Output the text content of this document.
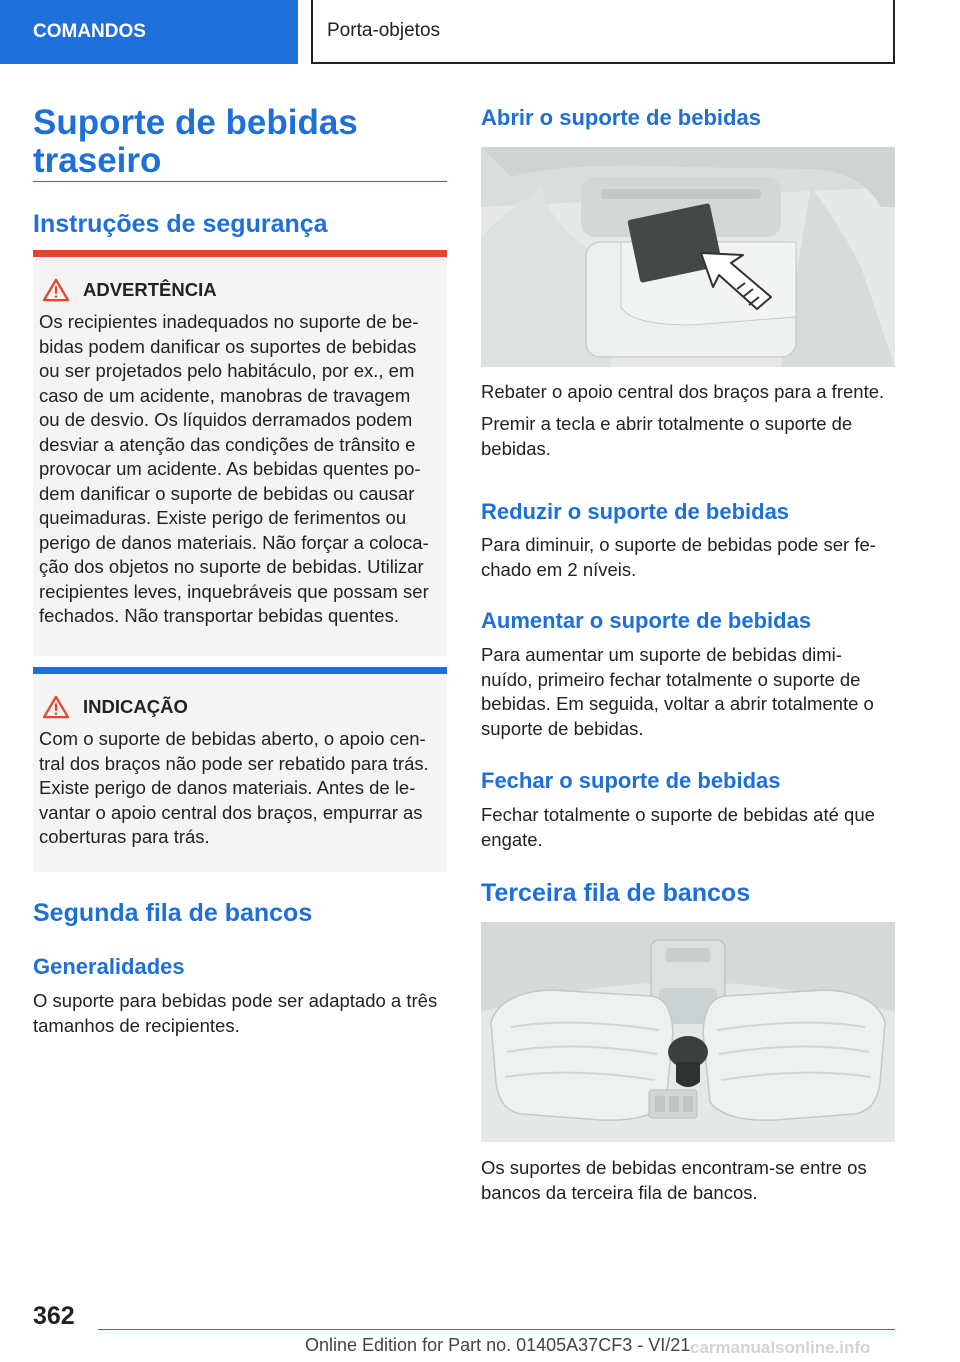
COMANDOS	Porta-objetos
Suporte de bebidas
traseiro
Instruções de segurança
ADVERTÊNCIA
Os recipientes inadequados no suporte de be-
bidas podem danificar os suportes de bebidas
ou ser projetados pelo habitáculo, por ex., em
caso de um acidente, manobras de travagem
ou de desvio. Os líquidos derramados podem
desviar a atenção das condições de trânsito e
provocar um acidente. As bebidas quentes po-
dem danificar o suporte de bebidas ou causar
queimaduras. Existe perigo de ferimentos ou
perigo de danos materiais. Não forçar a coloca-
ção dos objetos no suporte de bebidas. Utilizar
recipientes leves, inquebráveis que possam ser
fechados. Não transportar bebidas quentes.
INDICAÇÃO
Com o suporte de bebidas aberto, o apoio cen-
tral dos braços não pode ser rebatido para trás.
Existe perigo de danos materiais. Antes de le-
vantar o apoio central dos braços, empurrar as
coberturas para trás.
Segunda fila de bancos
Generalidades
O suporte para bebidas pode ser adaptado a três
tamanhos de recipientes.
Abrir o suporte de bebidas
Rebater o apoio central dos braços para a frente.
Premir a tecla e abrir totalmente o suporte de
bebidas.
Reduzir o suporte de bebidas
Para diminuir, o suporte de bebidas pode ser fe-
chado em 2 níveis.
Aumentar o suporte de bebidas
Para aumentar um suporte de bebidas dimi-
nuído, primeiro fechar totalmente o suporte de
bebidas. Em seguida, voltar a abrir totalmente o
suporte de bebidas.
Fechar o suporte de bebidas
Fechar totalmente o suporte de bebidas até que
engate.
Terceira fila de bancos
Os suportes de bebidas encontram-se entre os
bancos da terceira fila de bancos.
362
Online Edition for Part no. 01405A37CF3 - VI/21 carmanualsonline.info
